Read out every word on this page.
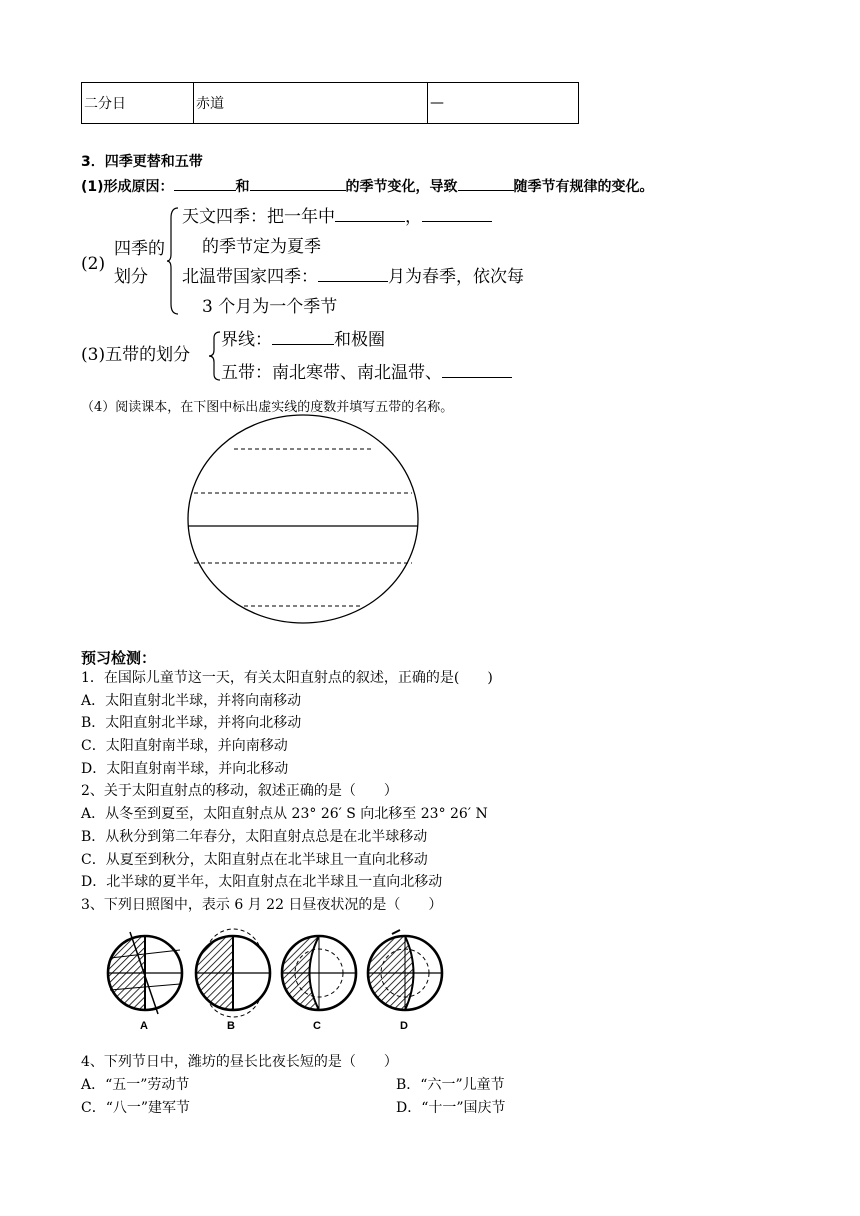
二分日	赤道	—
3．四季更替和五带
(1)形成原因：	和	的季节变化，导致	随季节有规律的变化。
(2)
四季的
划分
天文四季：把一年中	，
的季节定为夏季
北温带国家四季：	月为春季，依次每
3 个月为一个季节
(3)五带的划分
界线：	和极圈
五带：南北寒带、南北温带、
（4）阅读课本，在下图中标出虚实线的度数并填写五带的名称。
预习检测：
1．在国际儿童节这一天，有关太阳直射点的叙述，正确的是(　　)
A．太阳直射北半球，并将向南移动
B．太阳直射北半球，并将向北移动
C．太阳直射南半球，并向南移动
D．太阳直射南半球，并向北移动
2、关于太阳直射点的移动，叙述正确的是（　　）
A．从冬至到夏至，太阳直射点从 23° 26′ S 向北移至 23° 26′ N
B．从秋分到第二年春分，太阳直射点总是在北半球移动
C．从夏至到秋分，太阳直射点在北半球且一直向北移动
D．北半球的夏半年，太阳直射点在北半球且一直向北移动
3、下列日照图中，表示 6 月 22 日昼夜状况的是（　　）
A	B	C	D
4、下列节日中，潍坊的昼长比夜长短的是（　　）
A．“五一”劳动节	B．“六一”儿童节
C．“八一”建军节	D．“十一”国庆节
